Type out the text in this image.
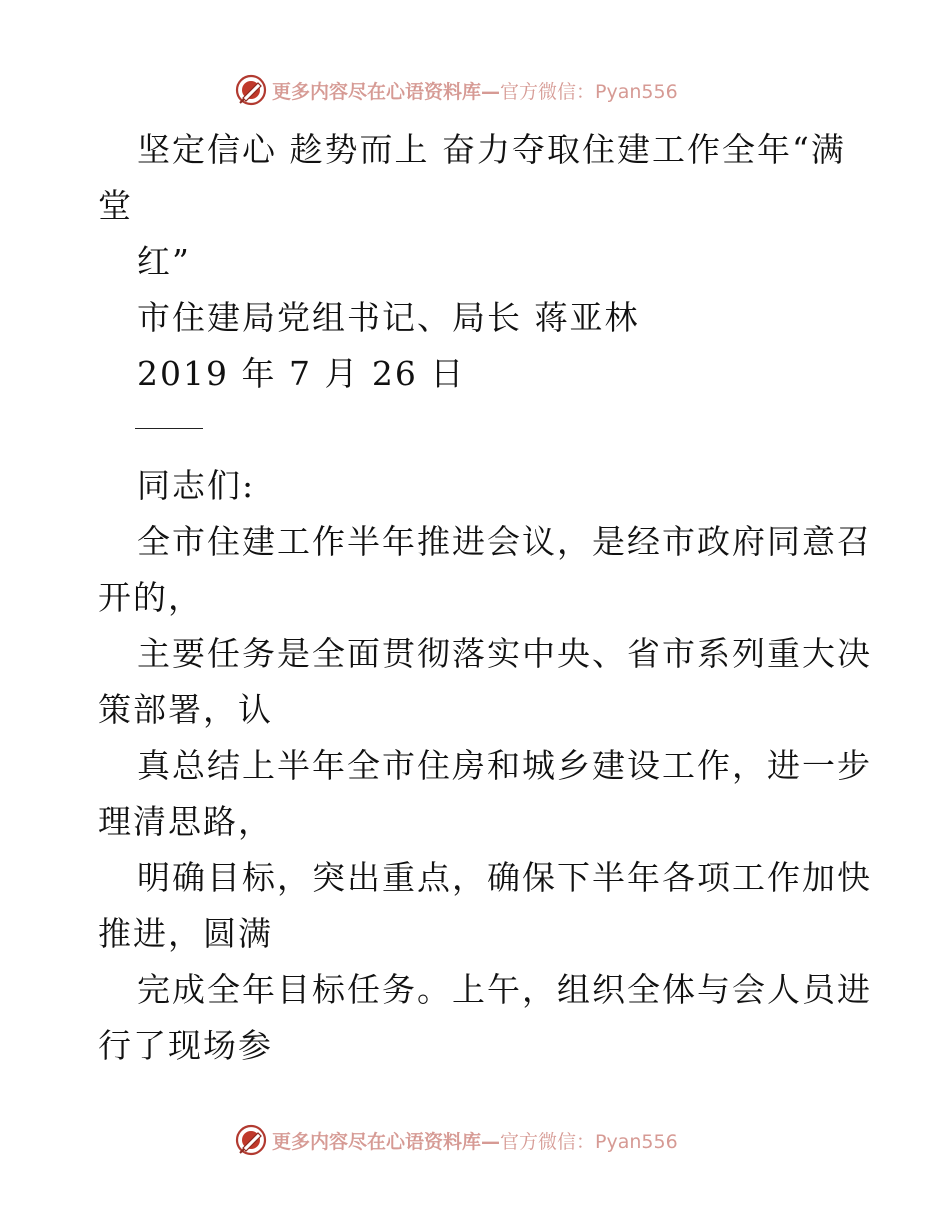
更多内容尽在心语资料库— 官方微信：Pyan556
坚定信心 趁势而上 奋力夺取住建工作全年“满
堂
红”
市住建局党组书记、局长 蒋亚林
2019 年 7 月 26 日
同志们:
全市住建工作半年推进会议，是经市政府同意召
开的，
主要任务是全面贯彻落实中央、省市系列重大决
策部署，认
真总结上半年全市住房和城乡建设工作，进一步
理清思路，
明确目标，突出重点，确保下半年各项工作加快
推进，圆满
完成全年目标任务。上午，组织全体与会人员进
行了现场参
更多内容尽在心语资料库— 官方微信：Pyan556
